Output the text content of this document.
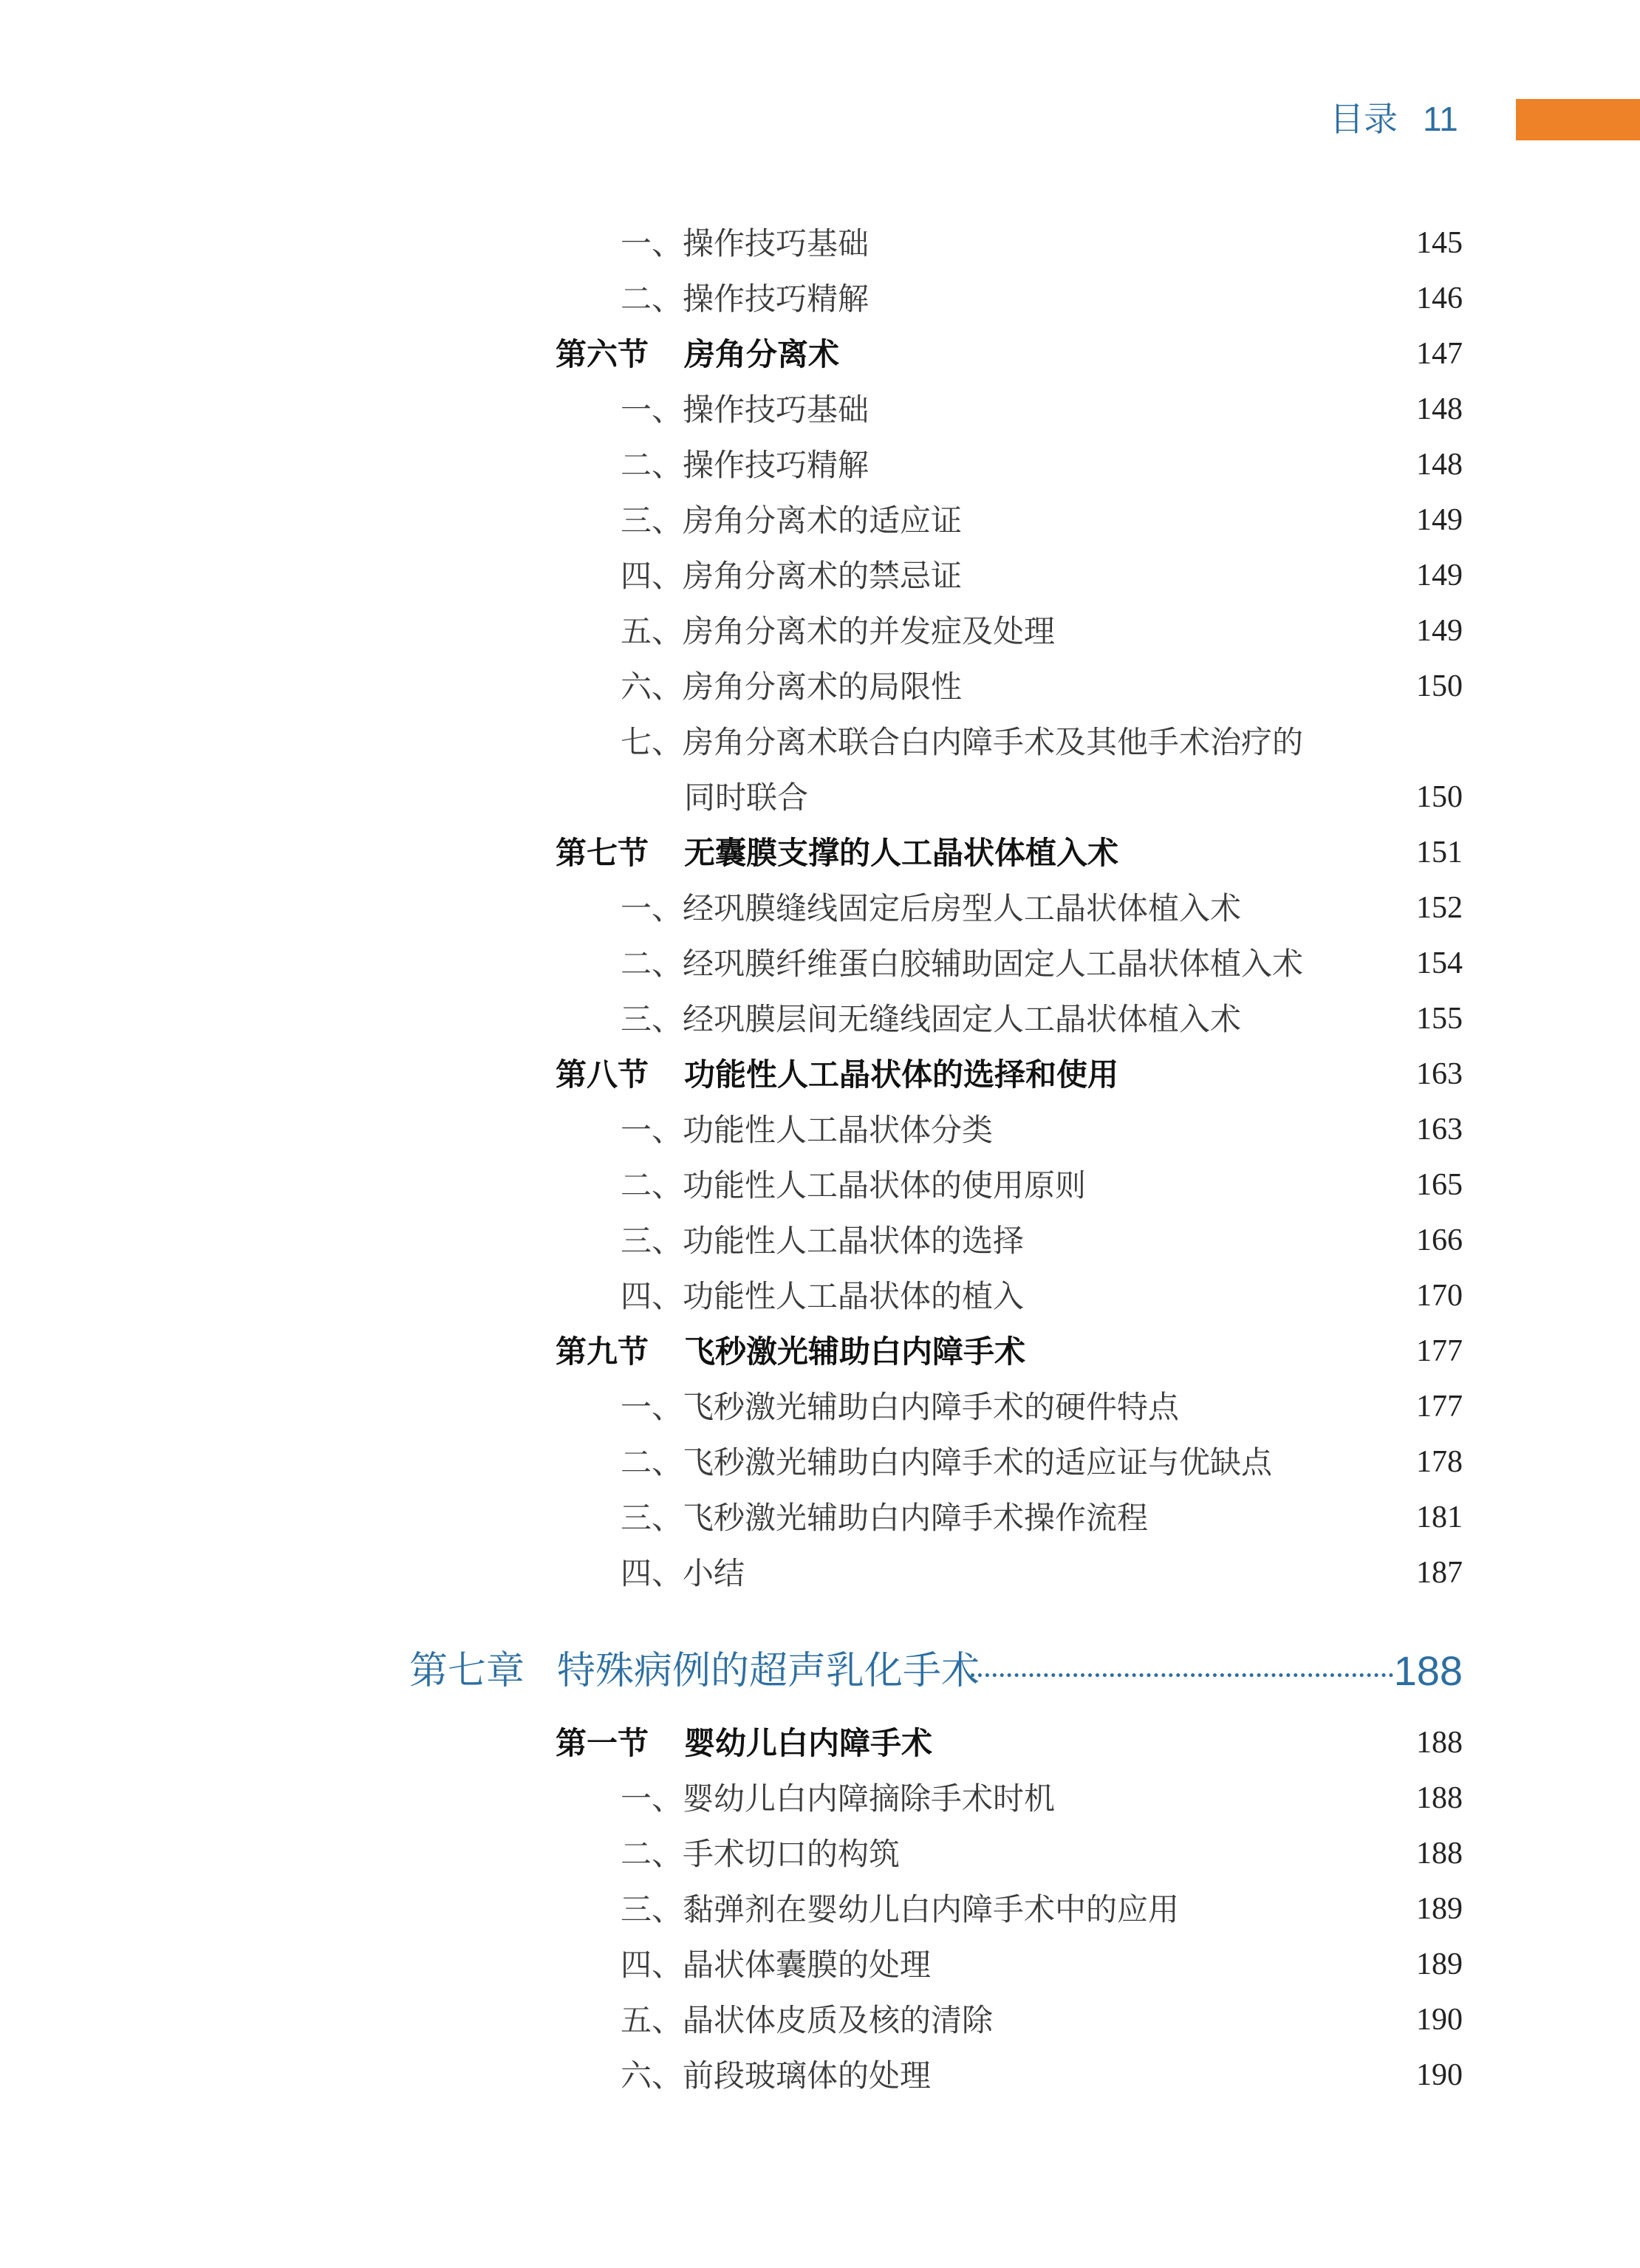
目录 11
一、操作技巧基础	145
二、操作技巧精解	146
第六节 房角分离术	147
一、操作技巧基础	148
二、操作技巧精解	148
三、房角分离术的适应证	149
四、房角分离术的禁忌证	149
五、房角分离术的并发症及处理	149
六、房角分离术的局限性	150
七、房角分离术联合白内障手术及其他手术治疗的
同时联合	150
第七节 无囊膜支撑的人工晶状体植入术	151
一、经巩膜缝线固定后房型人工晶状体植入术	152
二、经巩膜纤维蛋白胶辅助固定人工晶状体植入术	154
三、经巩膜层间无缝线固定人工晶状体植入术	155
第八节 功能性人工晶状体的选择和使用	163
一、功能性人工晶状体分类	163
二、功能性人工晶状体的使用原则	165
三、功能性人工晶状体的选择	166
四、功能性人工晶状体的植入	170
第九节 飞秒激光辅助白内障手术	177
一、飞秒激光辅助白内障手术的硬件特点	177
二、飞秒激光辅助白内障手术的适应证与优缺点	178
三、飞秒激光辅助白内障手术操作流程	181
四、小结	187
第七章 特殊病例的超声乳化手术	188
第一节 婴幼儿白内障手术	188
一、婴幼儿白内障摘除手术时机	188
二、手术切口的构筑	188
三、黏弹剂在婴幼儿白内障手术中的应用	189
四、晶状体囊膜的处理	189
五、晶状体皮质及核的清除	190
六、前段玻璃体的处理	190
